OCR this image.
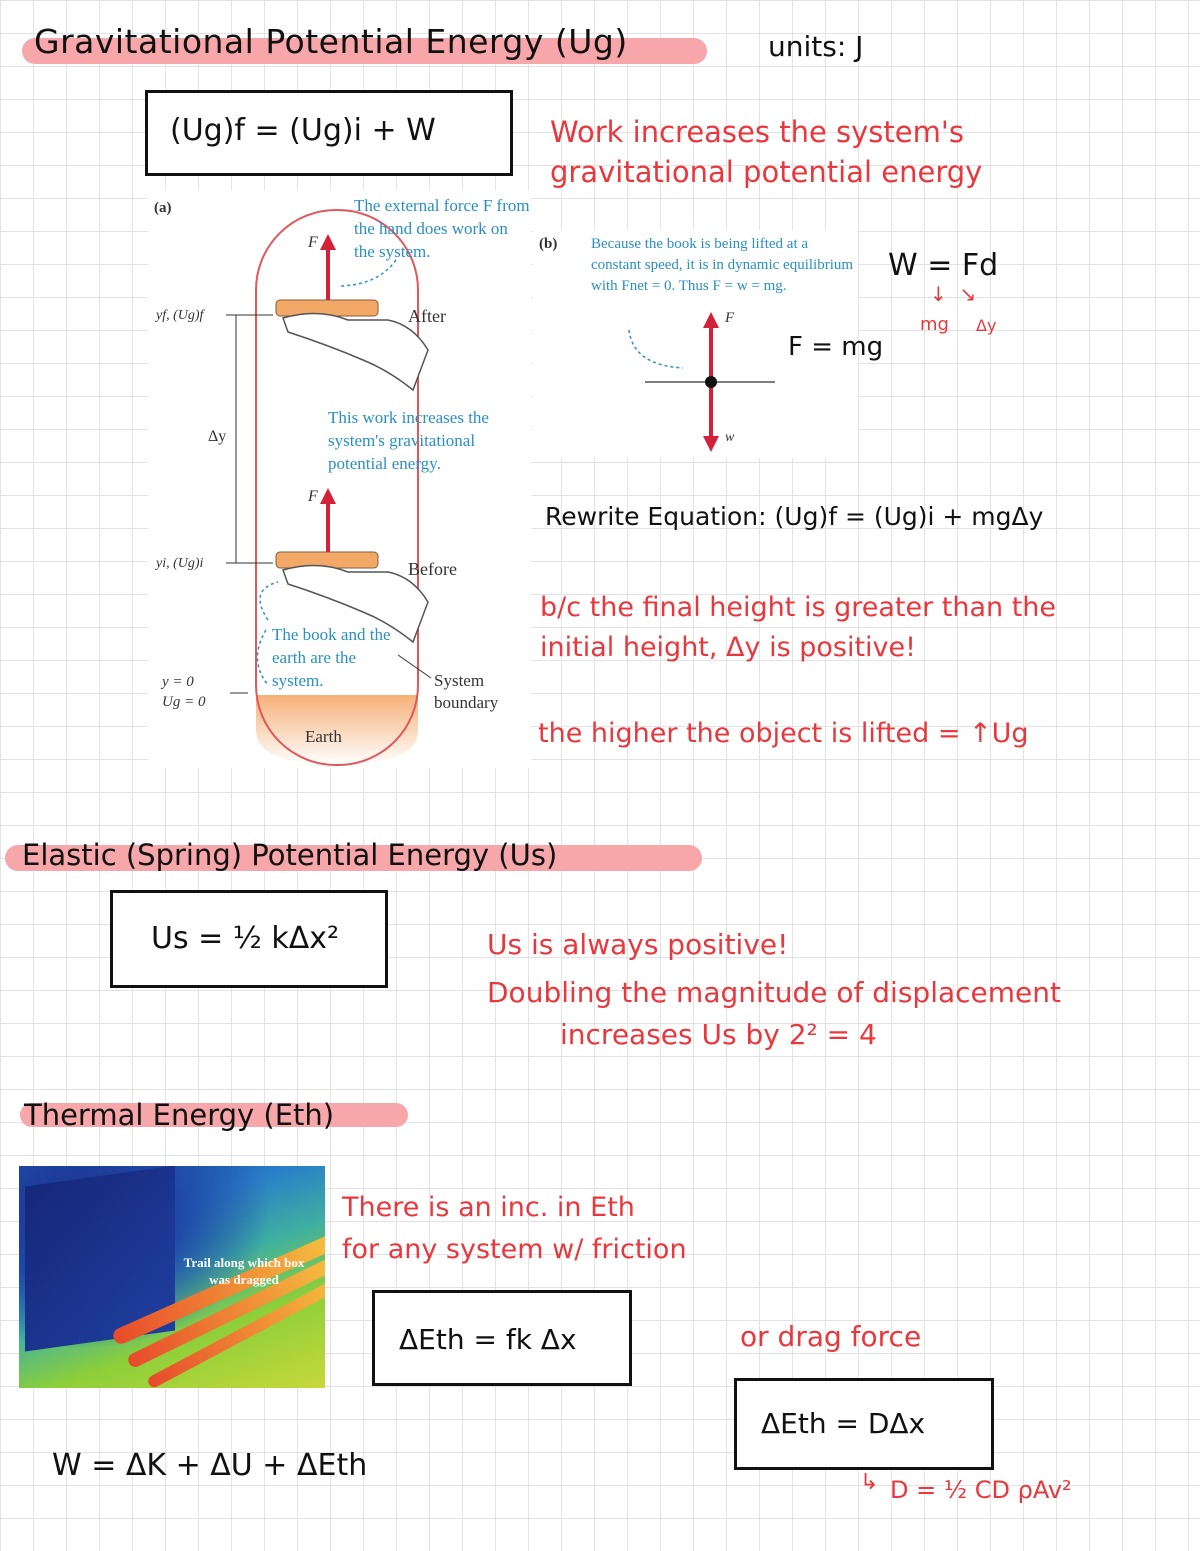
Gravitational Potential Energy (Ug)	units: J
(Ug)f = (Ug)i + W	Work increases the system's gravitational potential energy
(a)	The external force F from the hand does work on the system.
F
F
After
yf, (Ug)f
Δy
This work increases the system's gravitational potential energy.
yi, (Ug)i	Before
The book and the earth are the system.
y = 0
Ug = 0
System boundary
Earth
(b) Because the book is being lifted at a constant speed, it is in dynamic equilibrium with Fnet = 0. Thus F = w = mg.
F
w
F = mg
W = Fd
↓  ↘
mg Δy
Rewrite Equation: (Ug)f = (Ug)i + mgΔy
b/c the final height is greater than the initial height, Δy is positive!
the higher the object is lifted = ↑Ug
Elastic (Spring) Potential Energy (Us)
Us = ½ kΔx²	Us is always positive!
Doubling the magnitude of displacement
increases Us by 2² = 4
Thermal Energy (Eth)
Trail along which box was dragged
There is an inc. in Eth
for any system w/ friction
ΔEth = fk Δx	or drag force
ΔEth = DΔx
↳ D = ½ CD ρAv²
W = ΔK + ΔU + ΔEth
